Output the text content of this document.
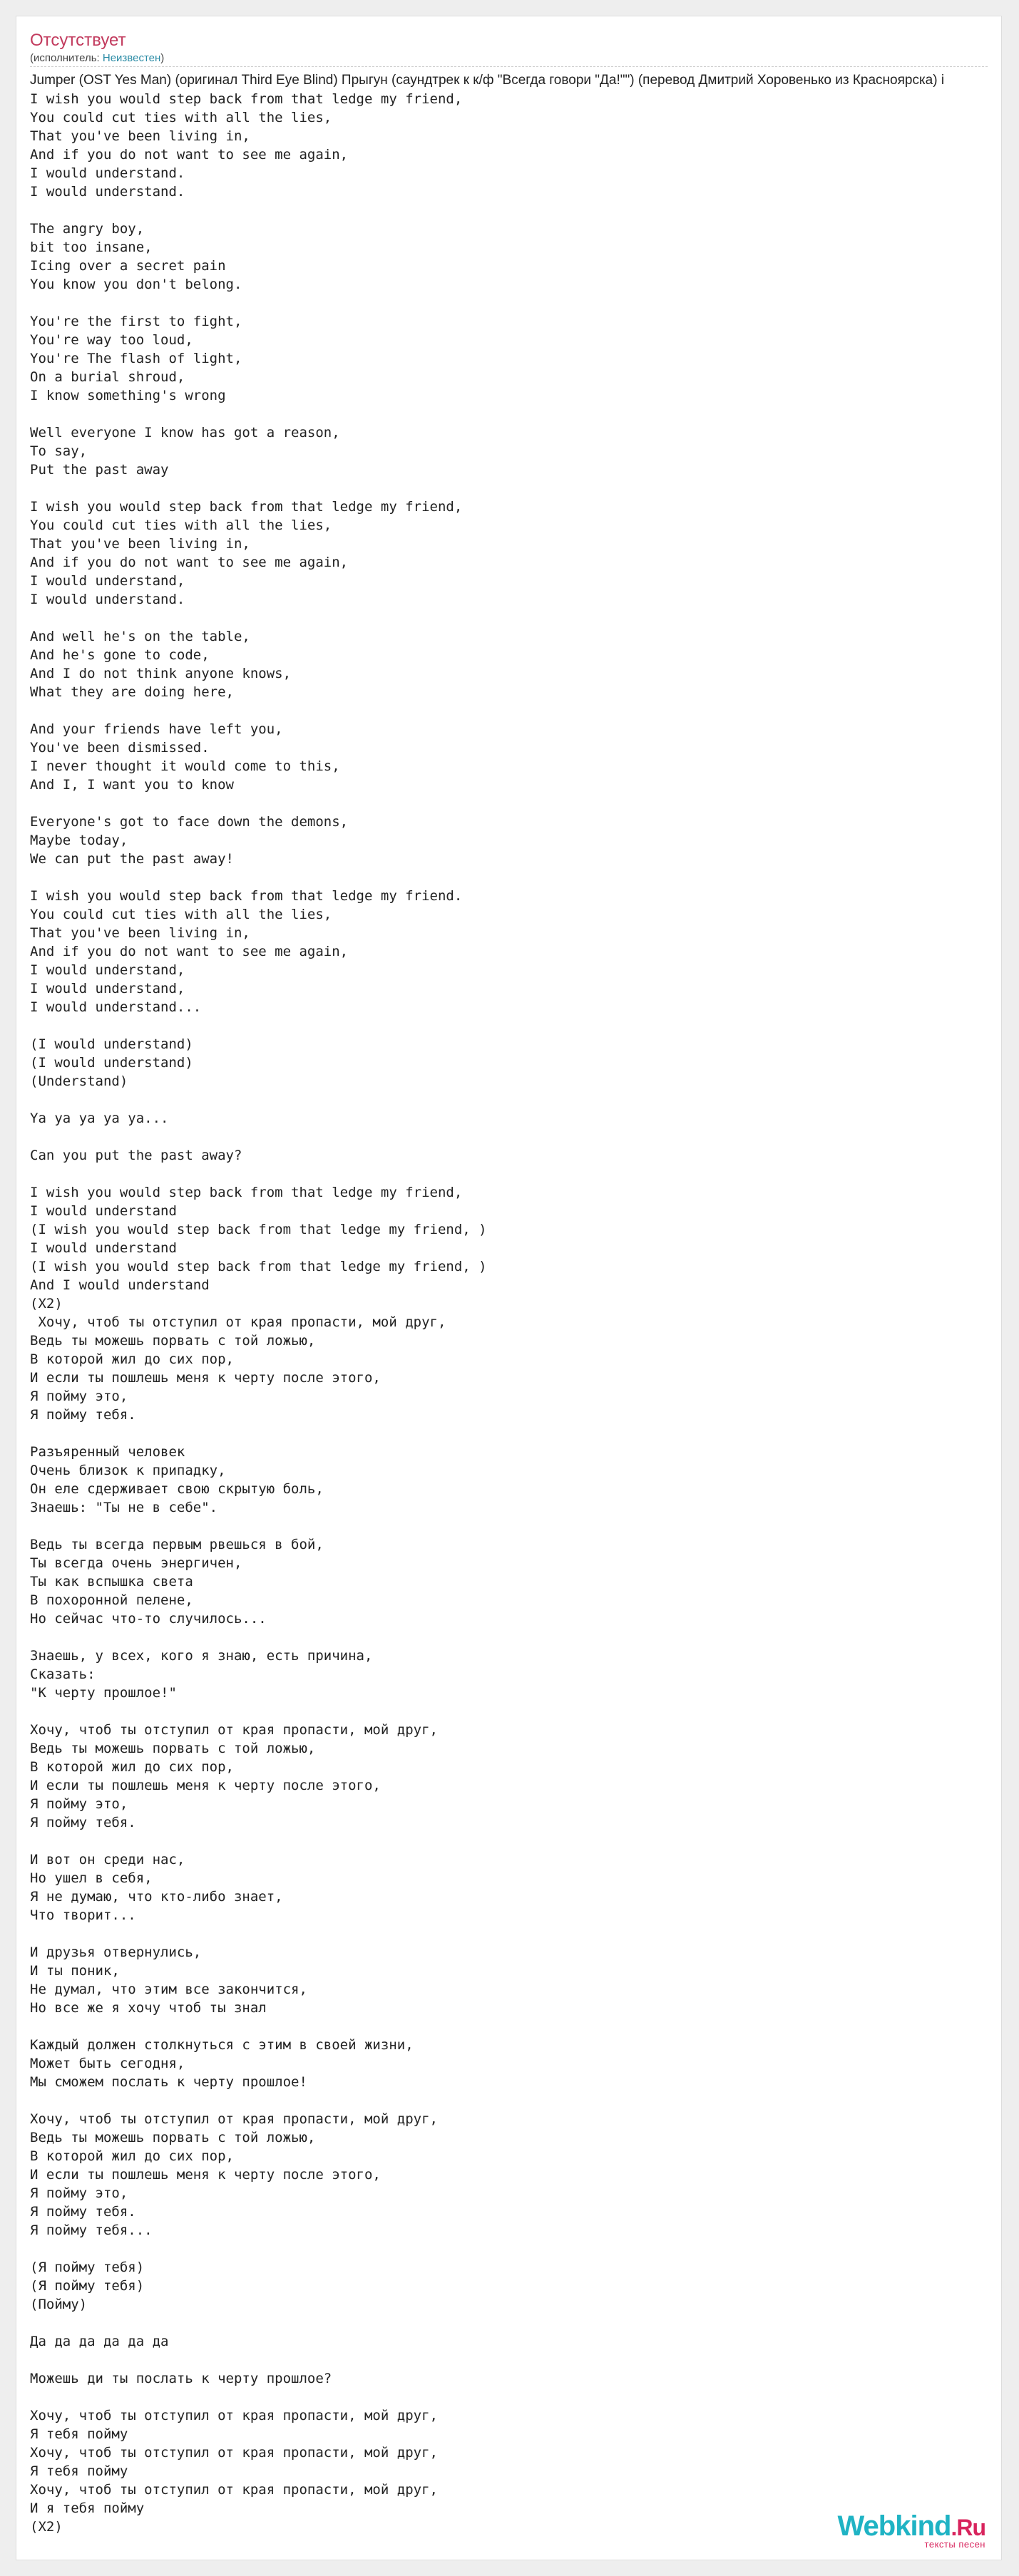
Отсутствует
(исполнитель: Неизвестен)
Jumper (OST Yes Man) (оригинал Third Eye Blind) Прыгун (саундтрек к к/ф "Всегда говори "Да!"") (перевод Дмитрий Хоровенько из Красноярска) i
I wish you would step back from that ledge my friend,
You could cut ties with all the lies,
That you've been living in,
And if you do not want to see me again,
I would understand.
I would understand.

The angry boy,
bit too insane,
Icing over a secret pain
You know you don't belong.

You're the first to fight,
You're way too loud,
You're The flash of light,
On a burial shroud,
I know something's wrong

Well everyone I know has got a reason,
To say,
Put the past away

I wish you would step back from that ledge my friend,
You could cut ties with all the lies,
That you've been living in,
And if you do not want to see me again,
I would understand,
I would understand.

And well he's on the table,
And he's gone to code,
And I do not think anyone knows,
What they are doing here,

And your friends have left you,
You've been dismissed.
I never thought it would come to this,
And I, I want you to know

Everyone's got to face down the demons,
Maybe today,
We can put the past away!

I wish you would step back from that ledge my friend.
You could cut ties with all the lies,
That you've been living in,
And if you do not want to see me again,
I would understand,
I would understand,
I would understand...

(I would understand)
(I would understand)
(Understand)

Ya ya ya ya ya...

Can you put the past away?

I wish you would step back from that ledge my friend,
I would understand
(I wish you would step back from that ledge my friend, )
I would understand
(I wish you would step back from that ledge my friend, )
And I would understand
(X2)
Хочу, чтоб ты отступил от края пропасти, мой друг,
Ведь ты можешь порвать с той ложью,
В которой жил до сих пор,
И если ты пошлешь меня к черту после этого,
Я пойму это,
Я пойму тебя.

Разъяренный человек
Очень близок к припадку,
Он еле сдерживает свою скрытую боль,
Знаешь: "Ты не в себе".

Ведь ты всегда первым рвешься в бой,
Ты всегда очень энергичен,
Ты как вспышка света
В похоронной пелене,
Но сейчас что-то случилось...

Знаешь, у всех, кого я знаю, есть причина,
Сказать:
"К черту прошлое!"

Хочу, чтоб ты отступил от края пропасти, мой друг,
Ведь ты можешь порвать с той ложью,
В которой жил до сих пор,
И если ты пошлешь меня к черту после этого,
Я пойму это,
Я пойму тебя.

И вот он среди нас,
Но ушел в себя,
Я не думаю, что кто-либо знает,
Что творит...

И друзья отвернулись,
И ты поник,
Не думал, что этим все закончится,
Но все же я хочу чтоб ты знал

Каждый должен столкнуться с этим в своей жизни,
Может быть сегодня,
Мы сможем послать к черту прошлое!

Хочу, чтоб ты отступил от края пропасти, мой друг,
Ведь ты можешь порвать с той ложью,
В которой жил до сих пор,
И если ты пошлешь меня к черту после этого,
Я пойму это,
Я пойму тебя.
Я пойму тебя...

(Я пойму тебя)
(Я пойму тебя)
(Пойму)

Да да да да да да

Можешь ди ты послать к черту прошлое?

Хочу, чтоб ты отступил от края пропасти, мой друг,
Я тебя пойму
Хочу, чтоб ты отступил от края пропасти, мой друг,
Я тебя пойму
Хочу, чтоб ты отступил от края пропасти, мой друг,
И я тебя пойму
(X2)	Webkind.Ru
тексты песен
